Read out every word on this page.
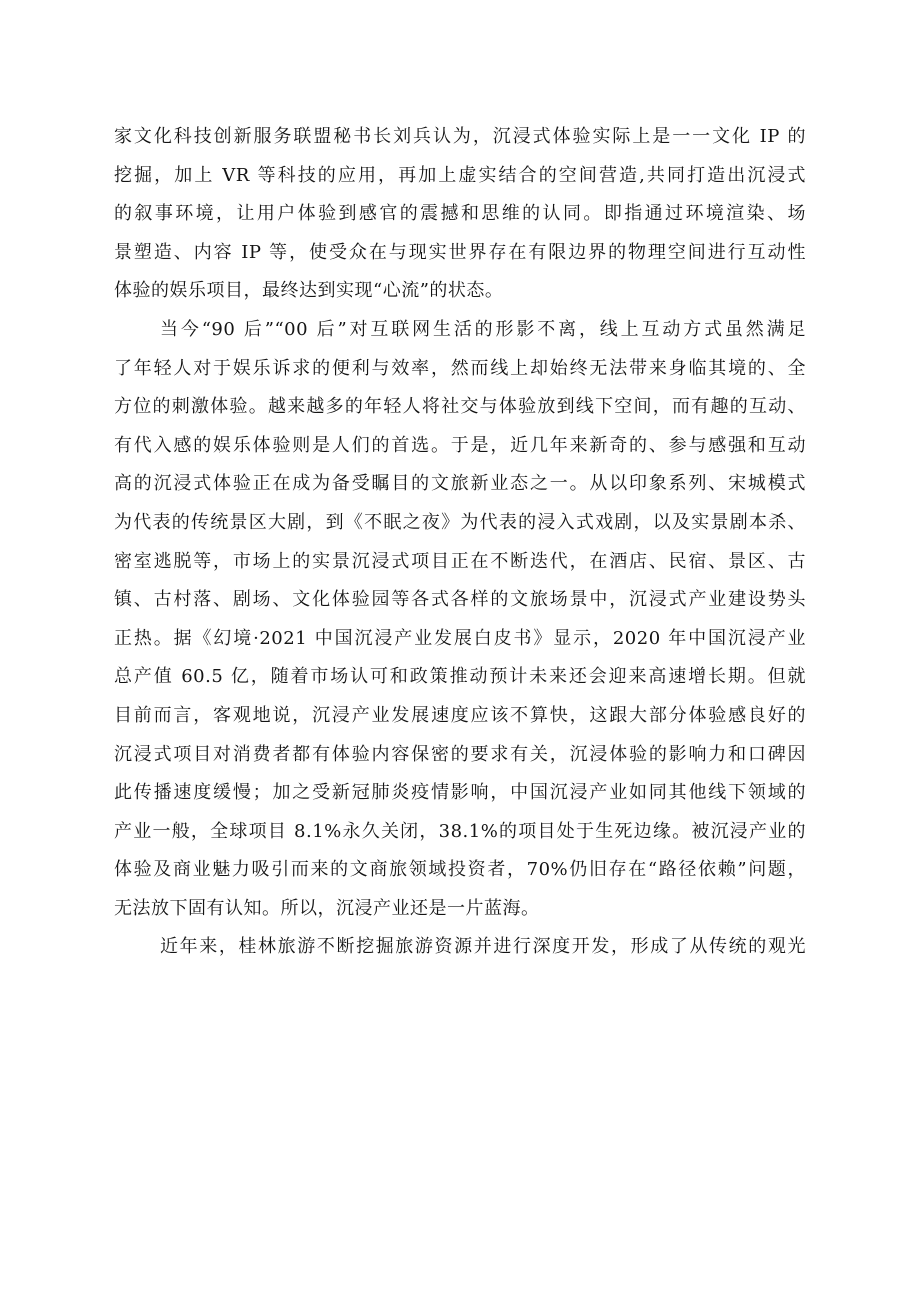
家文化科技创新服务联盟秘书长刘兵认为，沉浸式体验实际上是一一文化 IP 的
挖掘，加上 VR 等科技的应用，再加上虚实结合的空间营造,共同打造出沉浸式
的叙事环境，让用户体验到感官的震撼和思维的认同。即指通过环境渲染、场
景塑造、内容 IP 等，使受众在与现实世界存在有限边界的物理空间进行互动性
体验的娱乐项目，最终达到实现“心流”的状态。
当今“90 后”“00 后”对互联网生活的形影不离，线上互动方式虽然满足
了年轻人对于娱乐诉求的便利与效率，然而线上却始终无法带来身临其境的、全
方位的刺激体验。越来越多的年轻人将社交与体验放到线下空间，而有趣的互动、
有代入感的娱乐体验则是人们的首选。于是，近几年来新奇的、参与感强和互动
高的沉浸式体验正在成为备受瞩目的文旅新业态之一。从以印象系列、宋城模式
为代表的传统景区大剧，到《不眠之夜》为代表的浸入式戏剧，以及实景剧本杀、
密室逃脱等，市场上的实景沉浸式项目正在不断迭代，在酒店、民宿、景区、古
镇、古村落、剧场、文化体验园等各式各样的文旅场景中，沉浸式产业建设势头
正热。据《幻境·2021 中国沉浸产业发展白皮书》显示，2020 年中国沉浸产业
总产值 60.5 亿，随着市场认可和政策推动预计未来还会迎来高速增长期。但就
目前而言，客观地说，沉浸产业发展速度应该不算快，这跟大部分体验感良好的
沉浸式项目对消费者都有体验内容保密的要求有关，沉浸体验的影响力和口碑因
此传播速度缓慢；加之受新冠肺炎疫情影响，中国沉浸产业如同其他线下领域的
产业一般，全球项目 8.1%永久关闭，38.1%的项目处于生死边缘。被沉浸产业的
体验及商业魅力吸引而来的文商旅领域投资者，70%仍旧存在“路径依赖”问题，
无法放下固有认知。所以，沉浸产业还是一片蓝海。
近年来，桂林旅游不断挖掘旅游资源并进行深度开发，形成了从传统的观光
